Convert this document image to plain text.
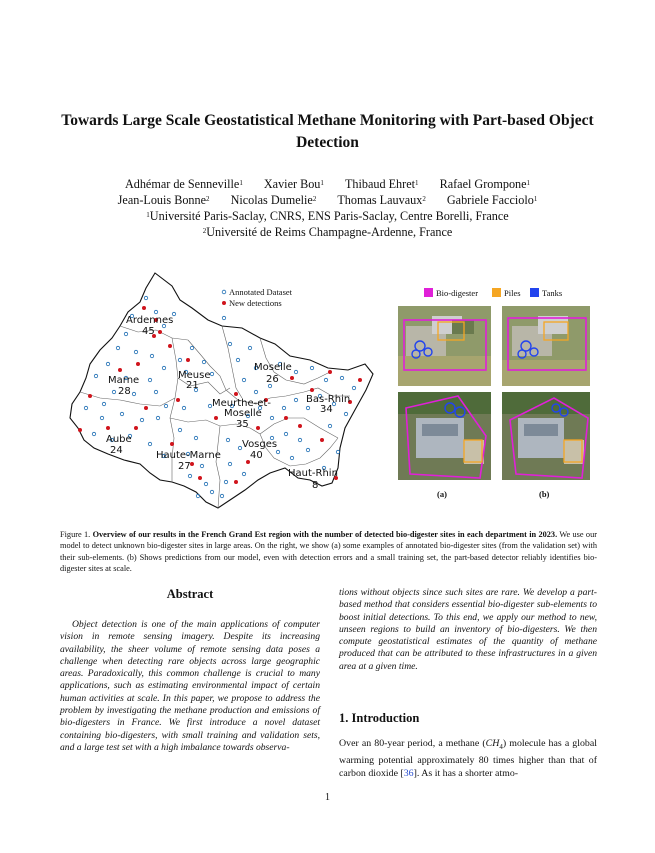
Towards Large Scale Geostatistical Methane Monitoring with Part-based Object
Detection
Adhémar de Senneville$^1$ Xavier Bou$^1$ Thibaud Ehret$^1$ Rafael Grompone$^1$
Jean-Louis Bonne$^2$ Nicolas Dumelie$^2$ Thomas Lauvaux$^2$ Gabriele Facciolo$^1$
$^1$Université Paris-Saclay, CNRS, ENS Paris-Saclay, Centre Borelli, France
$^2$Université de Reims Champagne-Ardenne, France
Ardennes
45
Marne
28
Meuse
21
Moselle
26
Bas-Rhin
34
Meurthe-et-
Moselle
35
Aube
24	Haute-Marne
27
Vosges
40
Haut-Rhin
8
Annotated Dataset
New detections
Bio-digester	Piles	Tanks
(a)	(b)
Figure 1. Overview of our results in the French Grand Est region with the number of detected bio-digester sites in each department in 2023. We use our model to detect unknown bio-digester sites in large areas. On the right, we show (a) some examples of annotated bio-digester sites (from the validation set) with their sub-elements. (b) Shows predictions from our model, even with detection errors and a small training set, the part-based detector reliably identifies bio-digester sites at scale.
Abstract
Object detection is one of the main applications of computer vision in remote sensing imagery. Despite its increasing availability, the sheer volume of remote sensing data poses a challenge when detecting rare objects across large geographic areas. Paradoxically, this common challenge is crucial to many applications, such as estimating environmental impact of certain human activities at scale. In this paper, we propose to address the problem by investigating the methane production and emissions of bio-digesters in France. We first introduce a novel dataset containing bio-digesters, with small training and validation sets, and a large test set with a high imbalance towards observa-
tions without objects since such sites are rare. We develop a part-based method that considers essential bio-digester sub-elements to boost initial detections. To this end, we apply our method to new, unseen regions to build an inventory of bio-digesters. We then compute geostatistical estimates of the quantity of methane produced that can be attributed to these infrastructures in a given area at a given time.
1. Introduction
Over an 80-year period, a methane $(CH_4)$ molecule has a global warming potential approximately 80 times higher than that of carbon dioxide [36]. As it has a shorter atmo-
1
